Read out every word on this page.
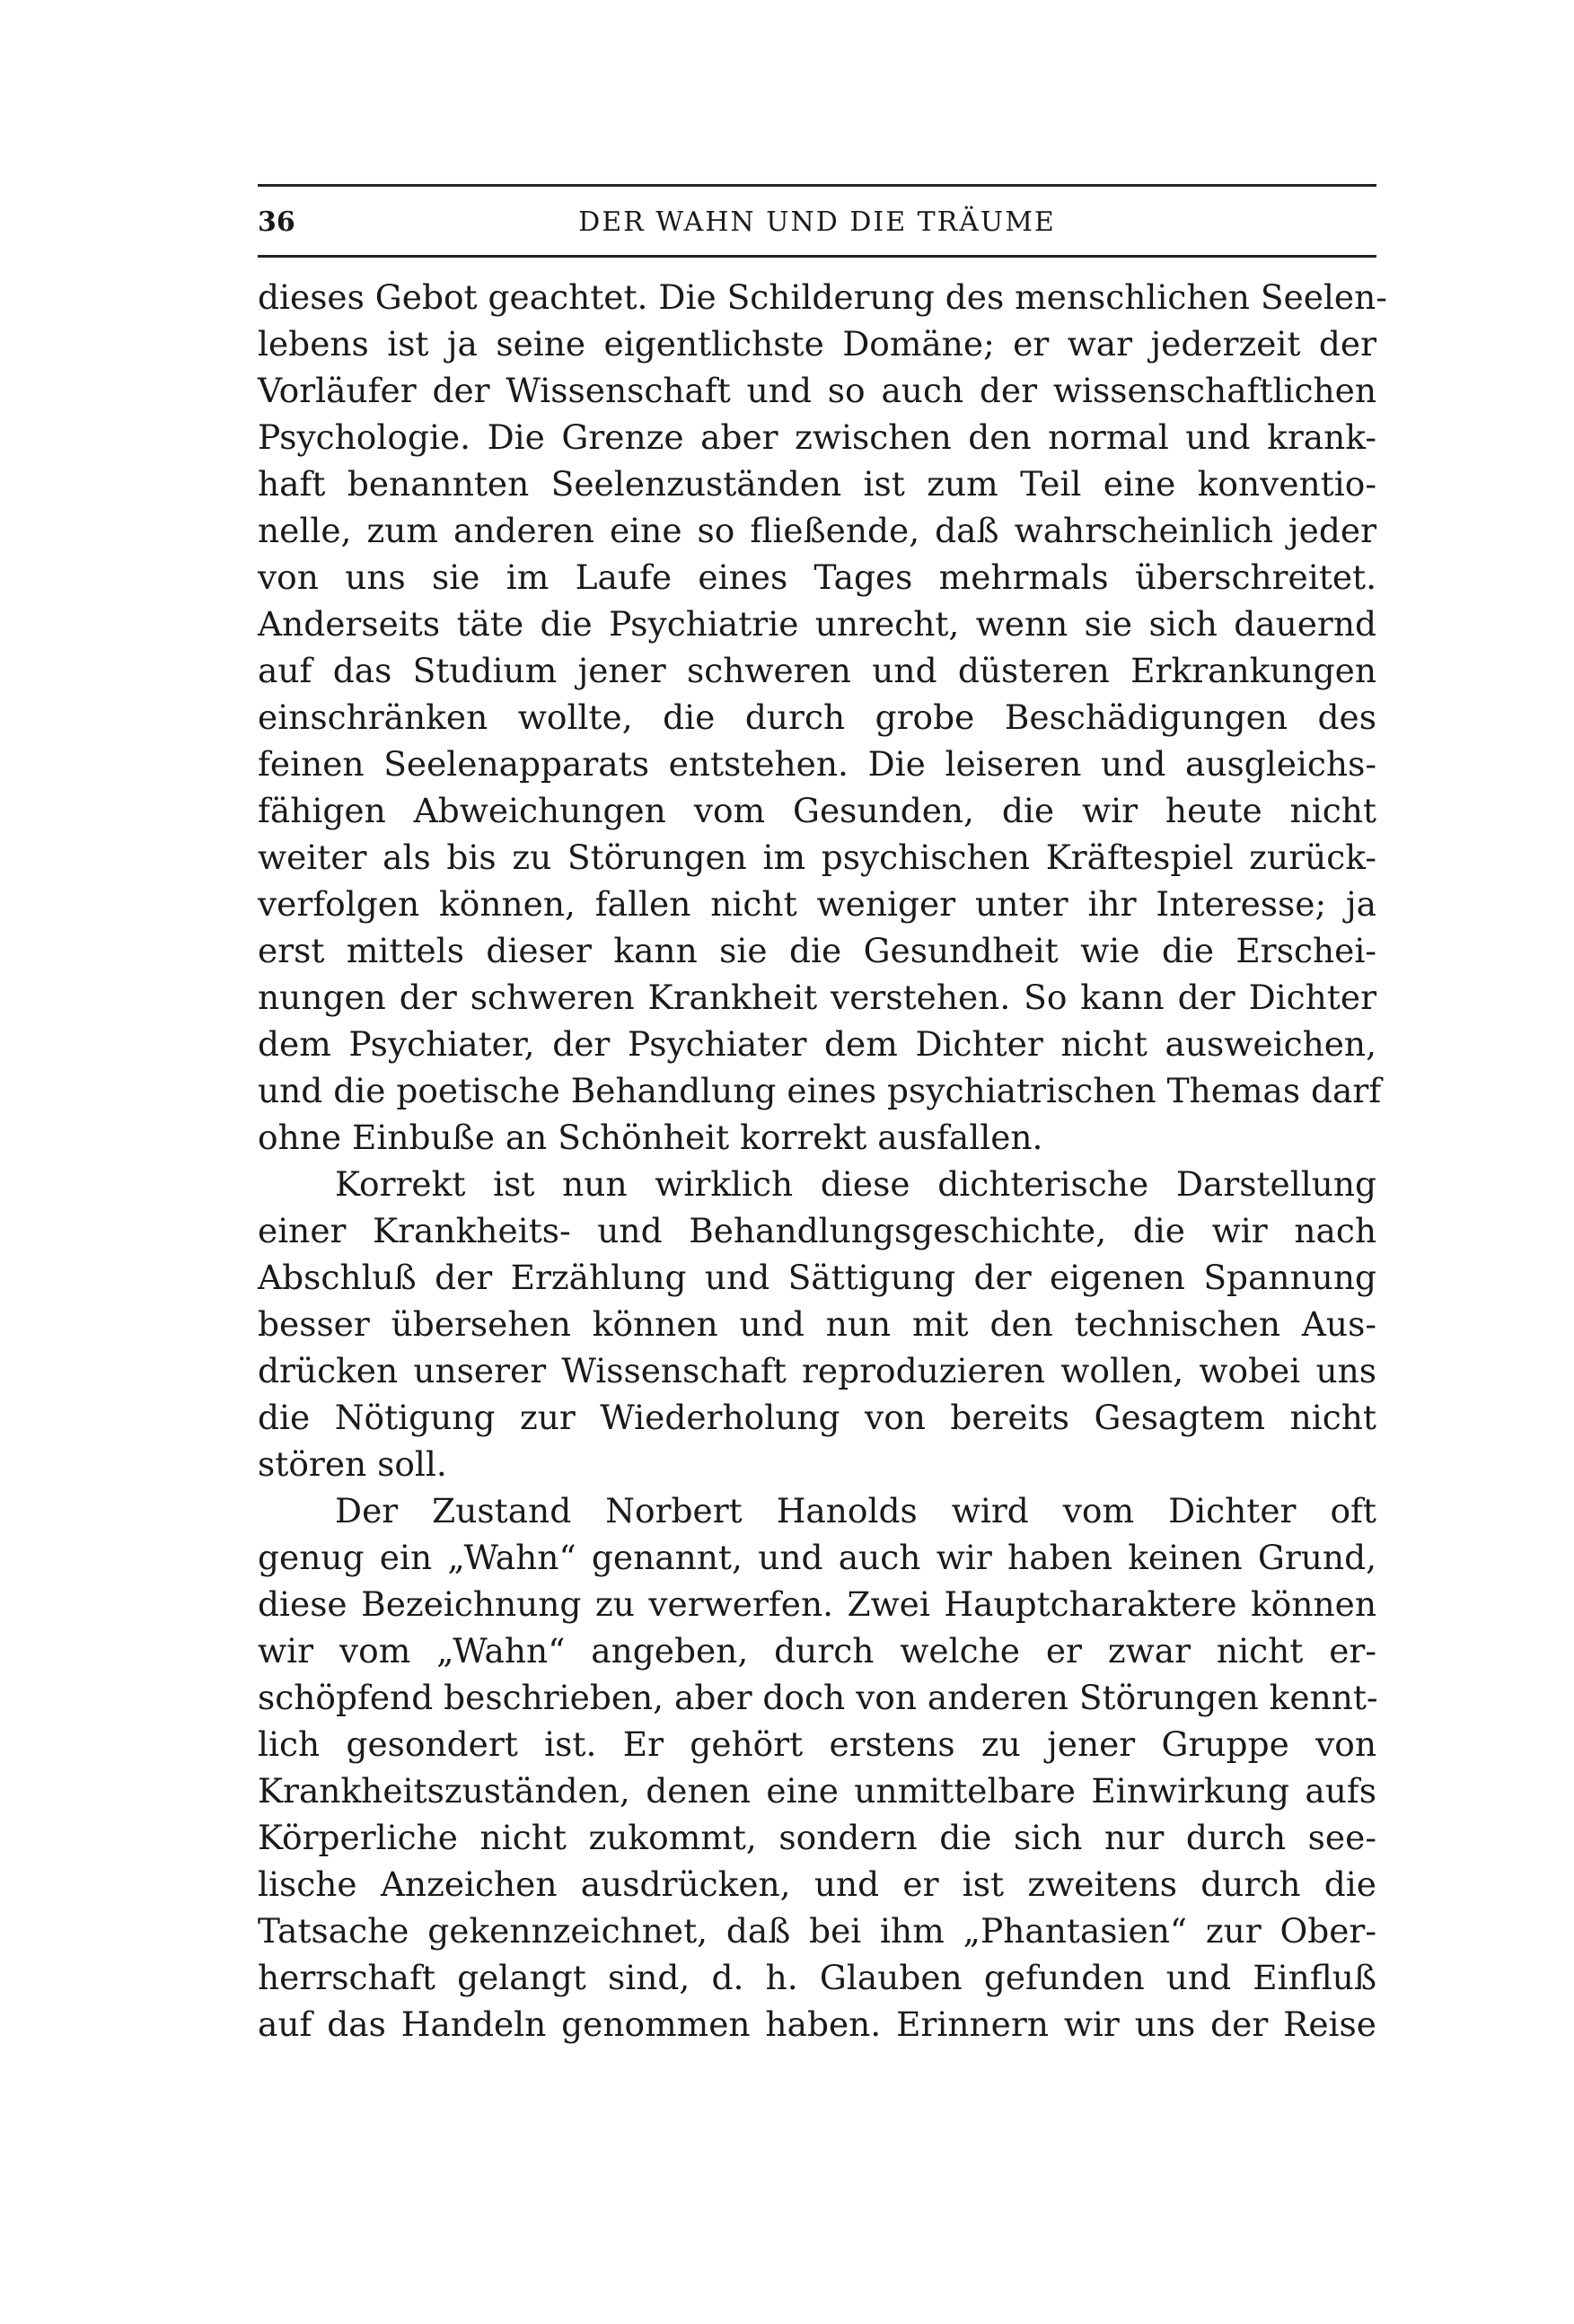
36	DER WAHN UND DIE TRÄUME
dieses Gebot geachtet. Die Schilderung des menschlichen Seelen-
lebens ist ja seine eigentlichste Domäne; er war jederzeit der
Vorläufer der Wissenschaft und so auch der wissenschaftlichen
Psychologie. Die Grenze aber zwischen den normal und krank-
haft benannten Seelenzuständen ist zum Teil eine konventio-
nelle, zum anderen eine so fließende, daß wahrscheinlich jeder
von uns sie im Laufe eines Tages mehrmals überschreitet.
Anderseits täte die Psychiatrie unrecht, wenn sie sich dauernd
auf das Studium jener schweren und düsteren Erkrankungen
einschränken wollte, die durch grobe Beschädigungen des
feinen Seelenapparats entstehen. Die leiseren und ausgleichs-
fähigen Abweichungen vom Gesunden, die wir heute nicht
weiter als bis zu Störungen im psychischen Kräftespiel zurück-
verfolgen können, fallen nicht weniger unter ihr Interesse; ja
erst mittels dieser kann sie die Gesundheit wie die Erschei-
nungen der schweren Krankheit verstehen. So kann der Dichter
dem Psychiater, der Psychiater dem Dichter nicht ausweichen,
und die poetische Behandlung eines psychiatrischen Themas darf
ohne Einbuße an Schönheit korrekt ausfallen.
Korrekt ist nun wirklich diese dichterische Darstellung
einer Krankheits- und Behandlungsgeschichte, die wir nach
Abschluß der Erzählung und Sättigung der eigenen Spannung
besser übersehen können und nun mit den technischen Aus-
drücken unserer Wissenschaft reproduzieren wollen, wobei uns
die Nötigung zur Wiederholung von bereits Gesagtem nicht
stören soll.
Der Zustand Norbert Hanolds wird vom Dichter oft
genug ein „Wahn“ genannt, und auch wir haben keinen Grund,
diese Bezeichnung zu verwerfen. Zwei Hauptcharaktere können
wir vom „Wahn“ angeben, durch welche er zwar nicht er-
schöpfend beschrieben, aber doch von anderen Störungen kennt-
lich gesondert ist. Er gehört erstens zu jener Gruppe von
Krankheitszuständen, denen eine unmittelbare Einwirkung aufs
Körperliche nicht zukommt, sondern die sich nur durch see-
lische Anzeichen ausdrücken, und er ist zweitens durch die
Tatsache gekennzeichnet, daß bei ihm „Phantasien“ zur Ober-
herrschaft gelangt sind, d. h. Glauben gefunden und Einfluß
auf das Handeln genommen haben. Erinnern wir uns der Reise
